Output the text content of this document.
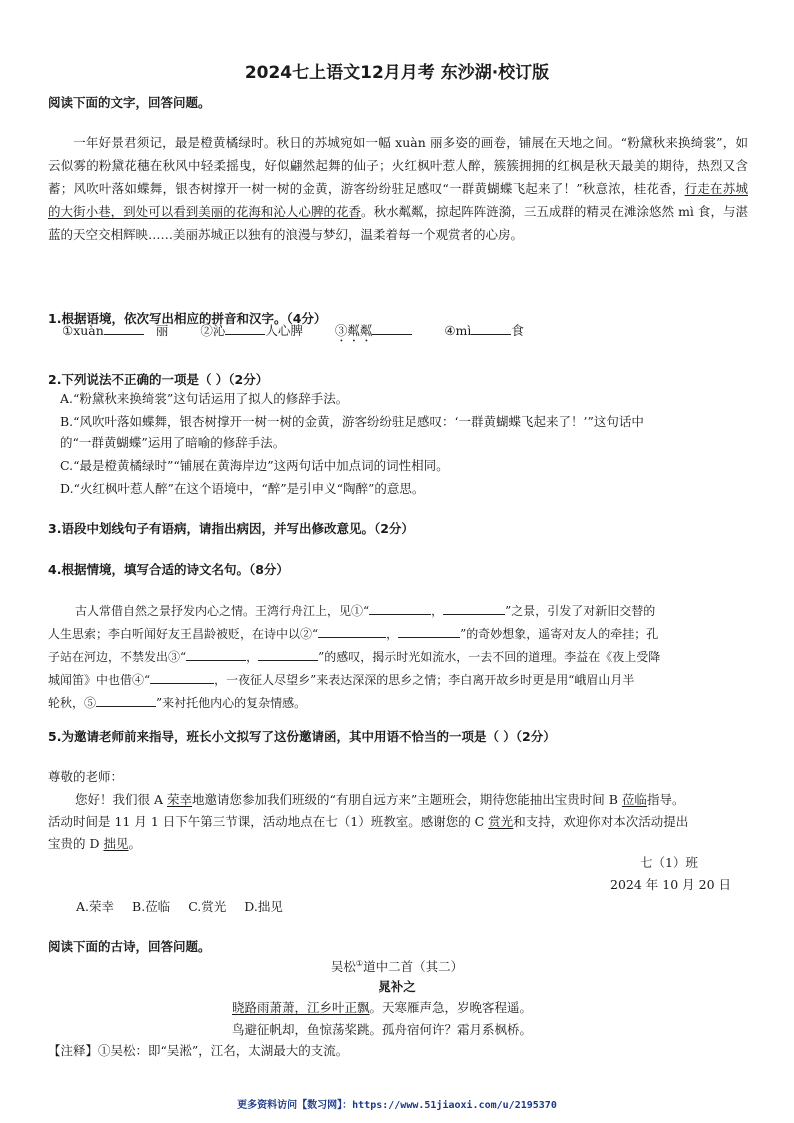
2024七上语文12月月考 东沙湖·校订版
阅读下面的文字，回答问题。
一年好景君须记，最是橙黄橘绿时。秋日的苏城宛如一幅 xuàn 丽多姿的画卷，铺展在天地之间。“粉黛秋来换绮裳”，如云似雾的粉黛花穗在秋风中轻柔摇曳，好似翩然起舞的仙子；火红枫叶惹人醉，簇簇拥拥的红枫是秋天最美的期待，热烈又含蓄；风吹叶落如蝶舞，银杏树撑开一树一树的金黄，游客纷纷驻足感叹“一群黄蝴蝶飞起来了！”秋意浓，桂花香，行走在苏城的大街小巷，到处可以看到美丽的花海和沁人心脾的花香。秋水粼粼，掠起阵阵涟漪，三五成群的精灵在滩涂悠然 mì 食，与湛蓝的天空交相辉映……美丽苏城正以独有的浪漫与梦幻，温柔着每一个观赏者的心房。
1.根据语境，依次写出相应的拼音和汉字。（4分）
①xuàn	丽	②沁	人心脾	③粼粼	④mì	食
2.下列说法不正确的一项是（ ）（2分）
A.“粉黛秋来换绮裳”这句话运用了拟人的修辞手法。
B.“风吹叶落如蝶舞，银杏树撑开一树一树的金黄，游客纷纷驻足感叹：‘一群黄蝴蝶飞起来了！’”这句话中
的“一群黄蝴蝶”运用了暗喻的修辞手法。
C.“最是橙黄橘绿时”“铺展在黄海岸边”这两句话中加点词的词性相同。
D.“火红枫叶惹人醉”在这个语境中，“醉”是引申义“陶醉”的意思。
3.语段中划线句子有语病，请指出病因，并写出修改意见。（2分）
4.根据情境，填写合适的诗文名句。（8分）
古人常借自然之景抒发内心之情。王湾行舟江上，见①“	，	”之景，引发了对新旧交替的
人生思索；李白听闻好友王昌龄被贬，在诗中以②“	，	”的奇妙想象，遥寄对友人的牵挂；孔
子站在河边，不禁发出③“	，	”的感叹，揭示时光如流水，一去不回的道理。李益在《夜上受降
城闻笛》中也借④“	，一夜征人尽望乡”来表达深深的思乡之情；李白离开故乡时更是用“峨眉山月半
轮秋，⑤	”来衬托他内心的复杂情感。
5.为邀请老师前来指导，班长小文拟写了这份邀请函，其中用语不恰当的一项是（ ）（2分）
尊敬的老师：
您好！我们很 A 荣幸地邀请您参加我们班级的“有朋自远方来”主题班会，期待您能抽出宝贵时间 B 莅临指导。
活动时间是 11 月 1 日下午第三节课，活动地点在七（1）班教室。感谢您的 C 赏光和支持，欢迎你对本次活动提出
宝贵的 D 拙见。
七（1）班
2024 年 10 月 20 日
A.荣幸 B.莅临 C.赏光 D.拙见
阅读下面的古诗，回答问题。
吴松①道中二首（其二）
晁补之
晓路雨萧萧，江乡叶正飘。天寒雁声急，岁晚客程遥。
鸟避征帆却，鱼惊荡桨跳。孤舟宿何许？霜月系枫桥。
【注释】①吴松：即“吴淞”，江名，太湖最大的支流。
更多资料访问【数习网】：https://www.51jiaoxi.com/u/2195370
